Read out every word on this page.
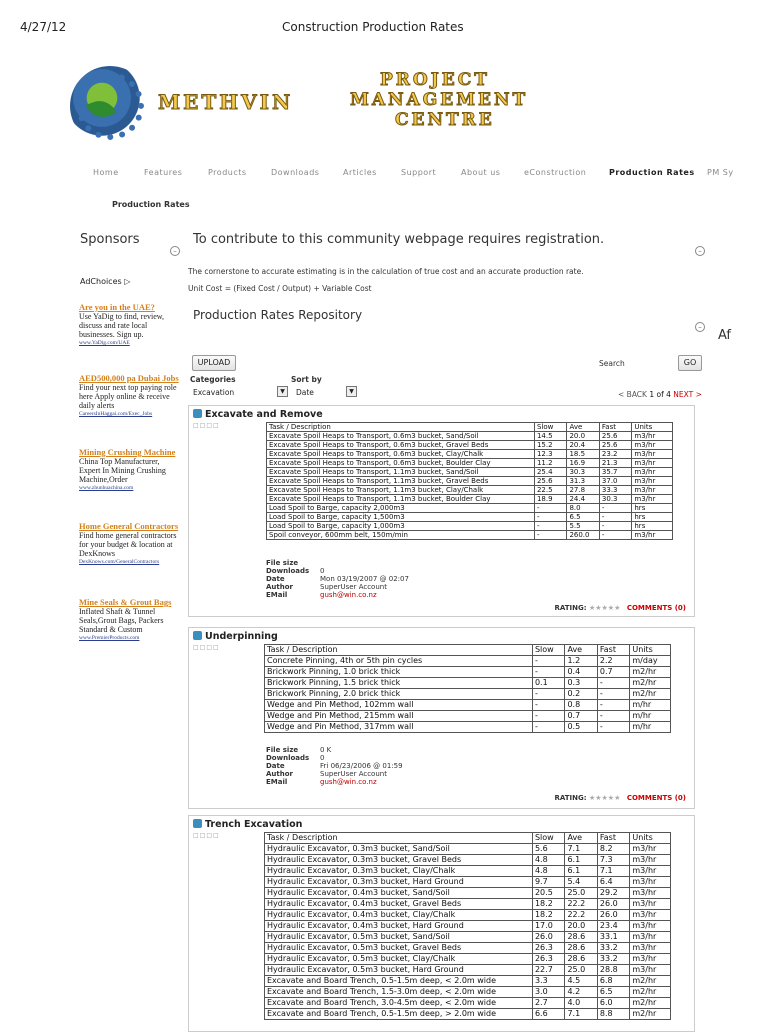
4/27/12	Construction Production Rates
METHVIN
PROJECT
MANAGEMENT
CENTRE
Home	Features	Products	Downloads	Articles	Support	About us	eConstruction	Production Rates PM Sy
Production Rates
Sponsors
–
AdChoices ▷
Are you in the UAE?
Use YaDig to find, review, discuss and rate local businesses. Sign up.
www.YaDig.com/UAE
AED500,000 pa Dubai Jobs
Find your next top paying role here Apply online & receive daily alerts
CareersInHaggai.com/Exec_Jobs
Mining Crushing Machine
China Top Manufacturer, Expert In Mining Crushing Machine,Order
www.zhunhuachina.com
Home General Contractors
Find home general contractors for your budget & location at DexKnows
DexKnows.com/GeneralContractors
Mine Seals & Grout Bags
Inflated Shaft & Tunnel Seals,Grout Bags, Packers Standard & Custom
www.PremierProducts.com
To contribute to this community webpage requires registration.
–
The cornerstone to accurate estimating is in the calculation of true cost and an accurate production rate.
Unit Cost = (Fixed Cost / Output) + Variable Cost
Production Rates Repository
–
Af
UPLOAD	Search	GO
Categories
Excavation	▼
Sort by
Date	▼	< BACK 1 of 4 NEXT >
Excavate and Remove
□□□□	Task / Description	Slow	Ave	Fast	Units
Excavate Spoil Heaps to Transport, 0.6m3 bucket, Sand/Soil	14.5	20.0	25.6	m3/hr
Excavate Spoil Heaps to Transport, 0.6m3 bucket, Gravel Beds	15.2	20.4	25.6	m3/hr
Excavate Spoil Heaps to Transport, 0.6m3 bucket, Clay/Chalk	12.3	18.5	23.2	m3/hr
Excavate Spoil Heaps to Transport, 0.6m3 bucket, Boulder Clay	11.2	16.9	21.3	m3/hr
Excavate Spoil Heaps to Transport, 1.1m3 bucket, Sand/Soil	25.4	30.3	35.7	m3/hr
Excavate Spoil Heaps to Transport, 1.1m3 bucket, Gravel Beds	25.6	31.3	37.0	m3/hr
Excavate Spoil Heaps to Transport, 1.1m3 bucket, Clay/Chalk	22.5	27.8	33.3	m3/hr
Excavate Spoil Heaps to Transport, 1.1m3 bucket, Boulder Clay	18.9	24.4	30.3	m3/hr
Load Spoil to Barge, capacity 2,000m3	-	8.0	-	hrs
Load Spoil to Barge, capacity 1,500m3	-	6.5	-	hrs
Load Spoil to Barge, capacity 1,000m3	-	5.5	-	hrs
Spoil conveyor, 600mm belt, 150m/min	-	260.0	-	m3/hr
File size
Downloads 0
Date	Mon 03/19/2007 @ 02:07
Author	SuperUser Account
EMail	gush@win.co.nz
RATING: ★★★★★ COMMENTS (0)
Underpinning
□□□□	Task / Description	Slow	Ave	Fast	Units
Concrete Pinning, 4th or 5th pin cycles	-	1.2	2.2	m/day
Brickwork Pinning, 1.0 brick thick	-	0.4	0.7	m2/hr
Brickwork Pinning, 1.5 brick thick	0.1	0.3	-	m2/hr
Brickwork Pinning, 2.0 brick thick	-	0.2	-	m2/hr
Wedge and Pin Method, 102mm wall	-	0.8	-	m/hr
Wedge and Pin Method, 215mm wall	-	0.7	-	m/hr
Wedge and Pin Method, 317mm wall	-	0.5	-	m/hr
File size	0 K
Downloads 0
Date	Fri 06/23/2006 @ 01:59
Author	SuperUser Account
EMail	gush@win.co.nz
RATING: ★★★★★ COMMENTS (0)
Trench Excavation
□□□□	Task / Description	Slow	Ave	Fast	Units
Hydraulic Excavator, 0.3m3 bucket, Sand/Soil	5.6	7.1	8.2	m3/hr
Hydraulic Excavator, 0.3m3 bucket, Gravel Beds	4.8	6.1	7.3	m3/hr
Hydraulic Excavator, 0.3m3 bucket, Clay/Chalk	4.8	6.1	7.1	m3/hr
Hydraulic Excavator, 0.3m3 bucket, Hard Ground	9.7	5.4	6.4	m3/hr
Hydraulic Excavator, 0.4m3 bucket, Sand/Soil	20.5	25.0	29.2	m3/hr
Hydraulic Excavator, 0.4m3 bucket, Gravel Beds	18.2	22.2	26.0	m3/hr
Hydraulic Excavator, 0.4m3 bucket, Clay/Chalk	18.2	22.2	26.0	m3/hr
Hydraulic Excavator, 0.4m3 bucket, Hard Ground	17.0	20.0	23.4	m3/hr
Hydraulic Excavator, 0.5m3 bucket, Sand/Soil	26.0	28.6	33.1	m3/hr
Hydraulic Excavator, 0.5m3 bucket, Gravel Beds	26.3	28.6	33.2	m3/hr
Hydraulic Excavator, 0.5m3 bucket, Clay/Chalk	26.3	28.6	33.2	m3/hr
Hydraulic Excavator, 0.5m3 bucket, Hard Ground	22.7	25.0	28.8	m3/hr
Excavate and Board Trench, 0.5-1.5m deep, < 2.0m wide	3.3	4.5	6.8	m2/hr
Excavate and Board Trench, 1.5-3.0m deep, < 2.0m wide	3.0	4.2	6.5	m2/hr
Excavate and Board Trench, 3.0-4.5m deep, < 2.0m wide	2.7	4.0	6.0	m2/hr
Excavate and Board Trench, 0.5-1.5m deep, > 2.0m wide	6.6	7.1	8.8	m2/hr
